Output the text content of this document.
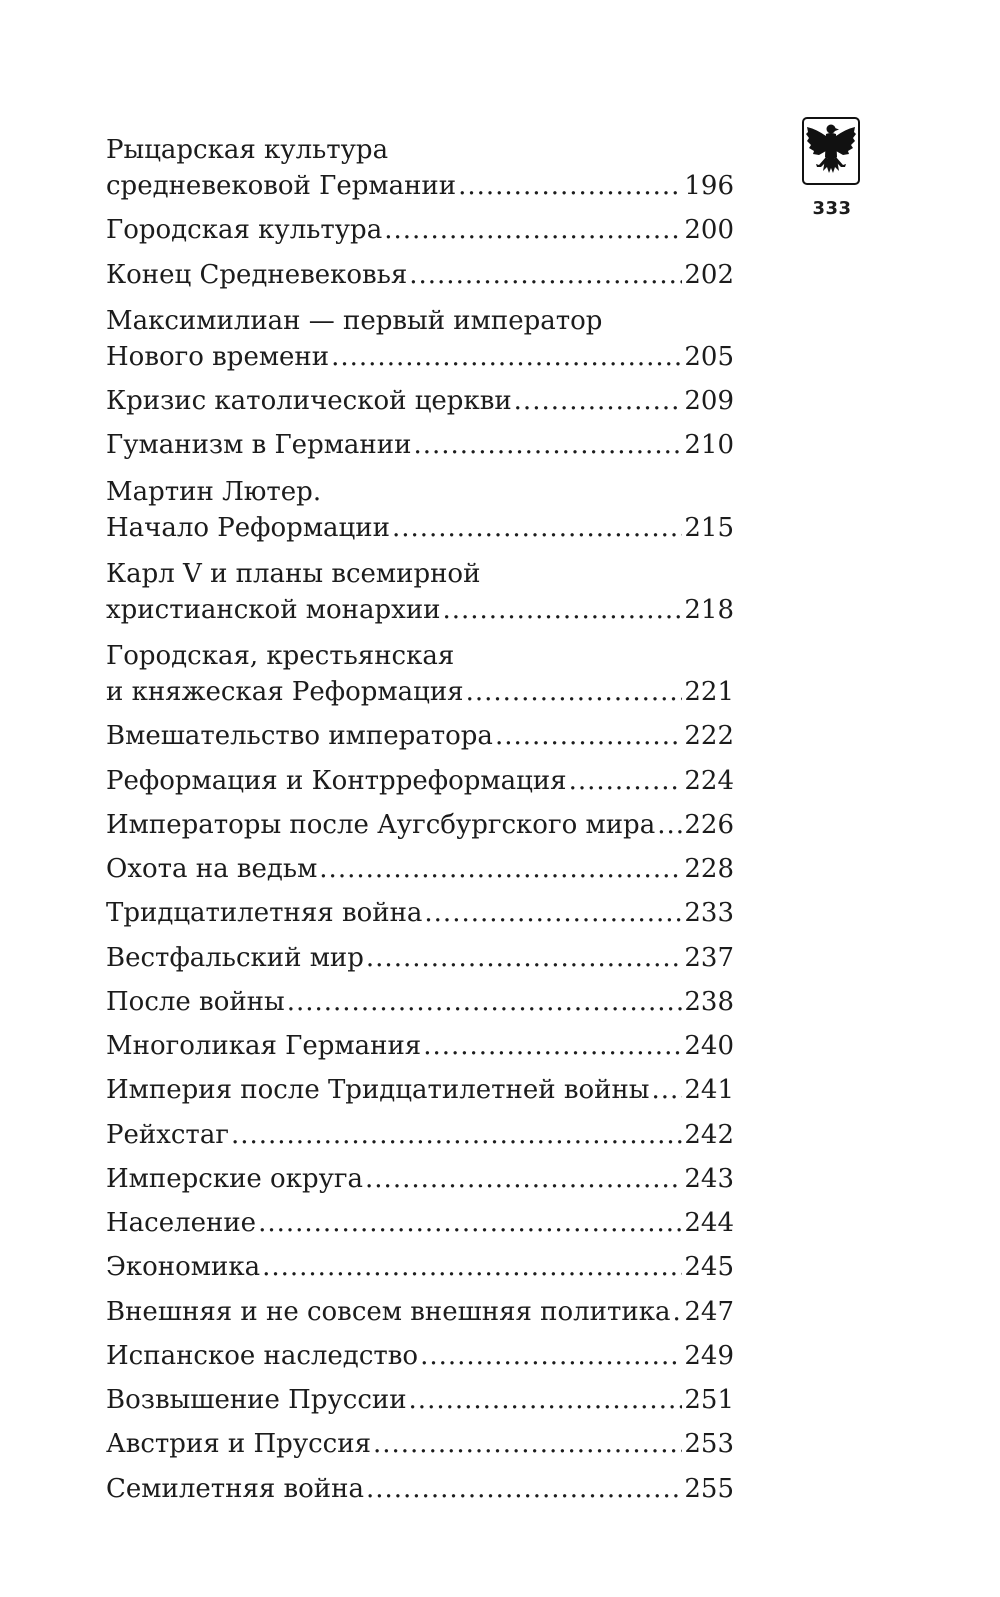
333
Рыцарская культура
средневековой Германии .....	196
Городская культура .....	200
Конец Средневековья .....	202
Максимилиан — первый император
Нового времени .....	205
Кризис католической церкви .....	209
Гуманизм в Германии .....	210
Мартин Лютер.
Начало Реформации .....	215
Карл V и планы всемирной
христианской монархии .....	218
Городская, крестьянская
и княжеская Реформация .....	221
Вмешательство императора .....	222
Реформация и Контрреформация .....	224
Императоры после Аугсбургского мира ..... 226
Охота на ведьм .....	228
Тридцатилетняя война .....	233
Вестфальский мир .....	237
После войны .....	238
Многоликая Германия .....	240
Империя после Тридцатилетней войны ..... 241
Рейхстаг .....	242
Имперские округа .....	243
Население .....	244
Экономика .....	245
Внешняя и не совсем внешняя политика ..... 247
Испанское наследство .....	249
Возвышение Пруссии .....	251
Австрия и Пруссия .....	253
Семилетняя война .....	255
